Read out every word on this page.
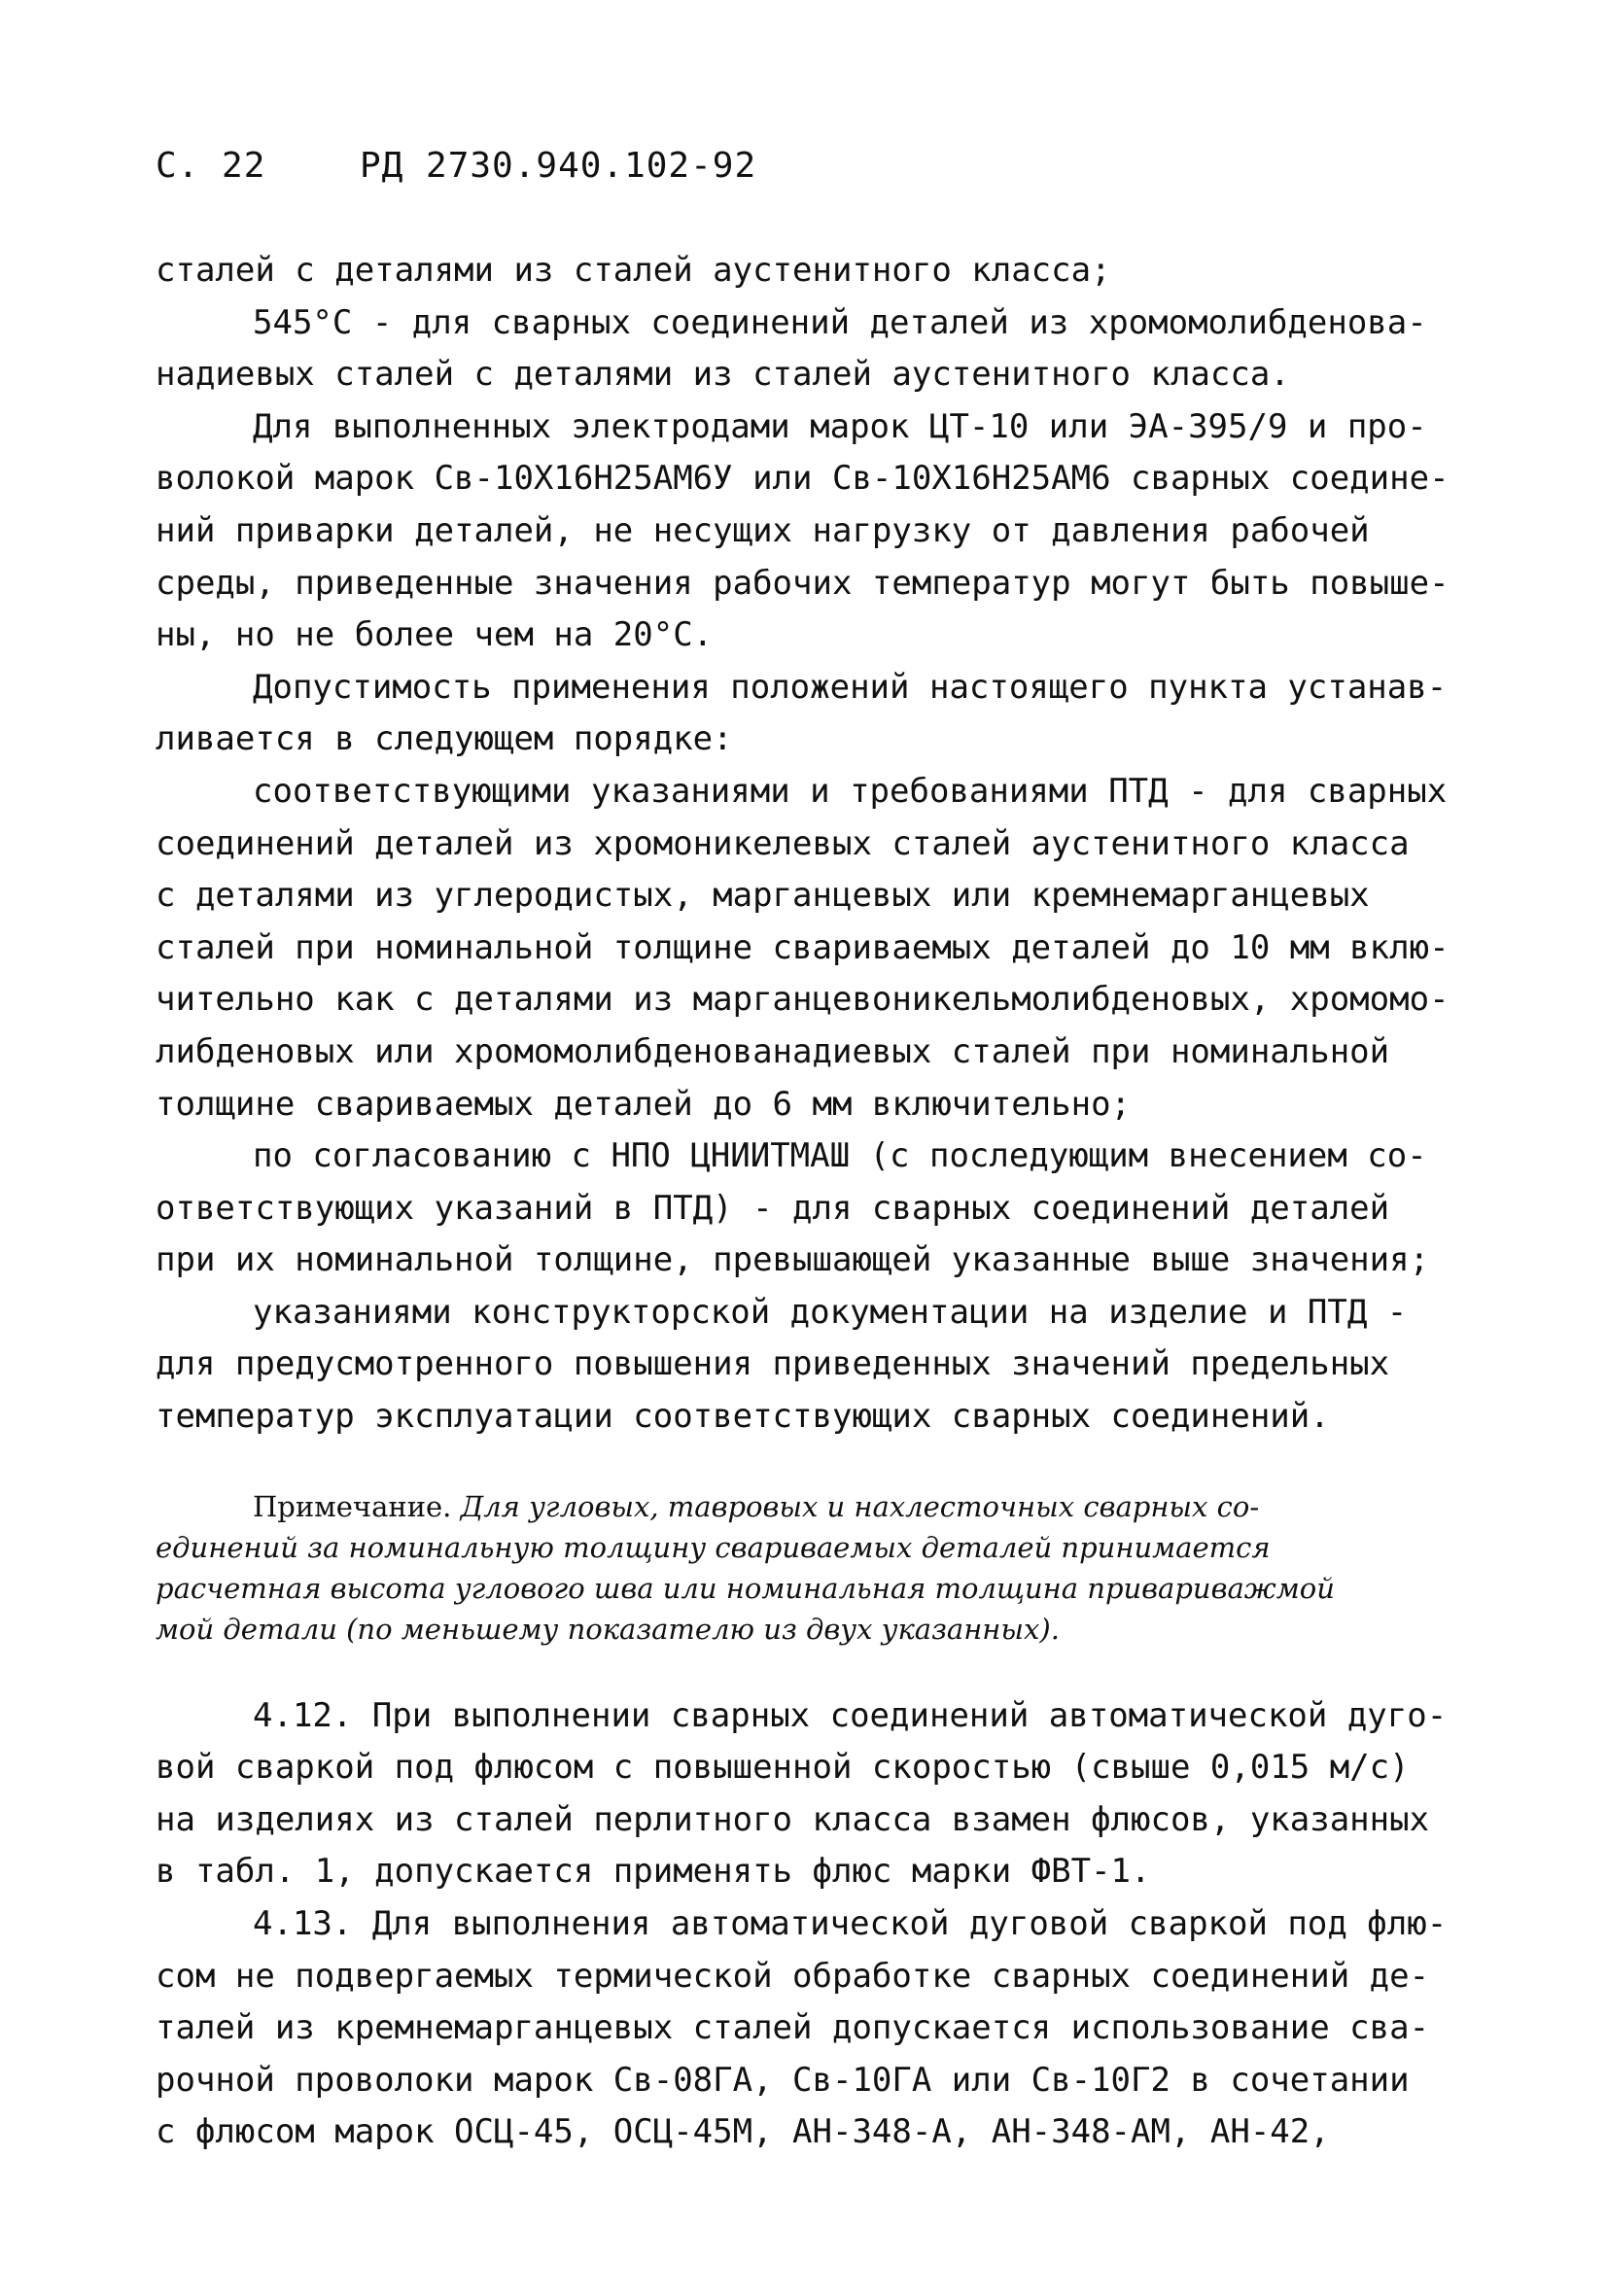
С. 22	РД 2730.940.102-92
сталей с деталями из сталей аустенитного класса;
545°С - для сварных соединений деталей из хромомолибденова-
надиевых сталей с деталями из сталей аустенитного класса.
Для выполненных электродами марок ЦТ-10 или ЭА-395/9 и про-
волокой марок Св-10Х16Н25АМ6У или Св-10Х16Н25АМ6 сварных соедине-
ний приварки деталей, не несущих нагрузку от давления рабочей
среды, приведенные значения рабочих температур могут быть повыше-
ны, но не более чем на 20°С.
Допустимость применения положений настоящего пункта устанав-
ливается в следующем порядке:
соответствующими указаниями и требованиями ПТД - для сварных
соединений деталей из хромоникелевых сталей аустенитного класса
с деталями из углеродистых, марганцевых или кремнемарганцевых
сталей при номинальной толщине свариваемых деталей до 10 мм вклю-
чительно как с деталями из марганцевоникельмолибденовых, хромомо-
либденовых или хромомолибденованадиевых сталей при номинальной
толщине свариваемых деталей до 6 мм включительно;
по согласованию с НПО ЦНИИТМАШ (с последующим внесением со-
ответствующих указаний в ПТД) - для сварных соединений деталей
при их номинальной толщине, превышающей указанные выше значения;
указаниями конструкторской документации на изделие и ПТД -
для предусмотренного повышения приведенных значений предельных
температур эксплуатации соответствующих сварных соединений.
Примечание. Для угловых, тавровых и нахлесточных сварных со-
единений за номинальную толщину свариваемых деталей принимается
расчетная высота углового шва или номинальная толщина привариважмой
мой детали (по меньшему показателю из двух указанных).
4.12. При выполнении сварных соединений автоматической дуго-
вой сваркой под флюсом с повышенной скоростью (свыше 0,015 м/с)
на изделиях из сталей перлитного класса взамен флюсов, указанных
в табл. 1, допускается применять флюс марки ФВТ-1.
4.13. Для выполнения автоматической дуговой сваркой под флю-
сом не подвергаемых термической обработке сварных соединений де-
талей из кремнемарганцевых сталей допускается использование сва-
рочной проволоки марок Св-08ГА, Св-10ГА или Св-10Г2 в сочетании
с флюсом марок ОСЦ-45, ОСЦ-45М, АН-348-А, АН-348-АМ, АН-42,
